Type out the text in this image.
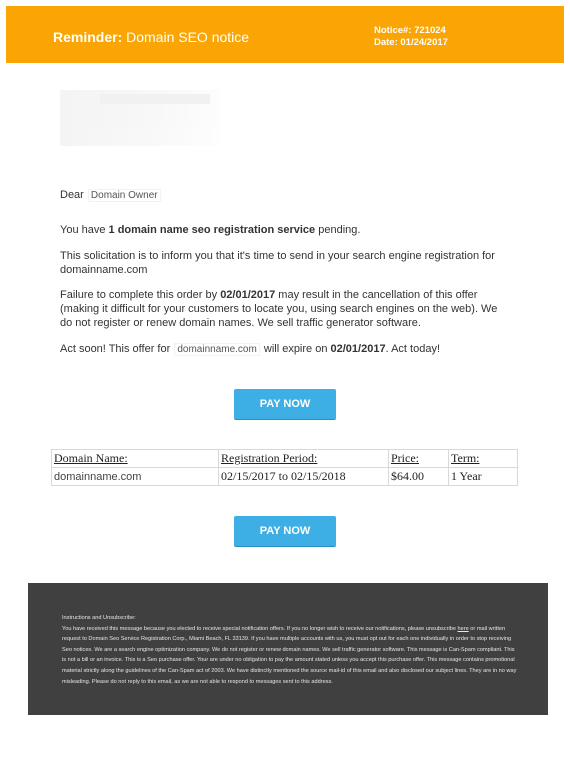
Reminder: Domain SEO notice	Notice#: 721024
Date: 01/24/2017

Dear Domain Owner

You have 1 domain name seo registration service pending.

This solicitation is to inform you that it's time to send in your search engine registration for
domainname.com

Failure to complete this order by 02/01/2017 may result in the cancellation of this offer (making it difficult for your customers to locate you, using search engines on the web). We do not register or renew domain names. We sell traffic generator software.

Act soon! This offer for domainname.com will expire on 02/01/2017. Act today!

PAY NOW
Domain Name:	Registration Period:	Price:	Term:
domainname.com	02/15/2017 to 02/15/2018	$64.00	1 Year
PAY NOW
Instructions and Unsubscribe:
You have received this message because you elected to receive special notification offers. If you no longer wish to receive our notifications, please unsubscribe here or mail written request to Domain Seo Service Registration Corp., Miami Beach, FL 33139. If you have multiple accounts with us, you must opt out for each one individually in order to stop receiving Seo notices. We are a search engine optimization company. We do not register or renew domain names. We sell traffic generator software. This message is Can-Spam compliant. This is not a bill or an invoice. This is a Seo purchase offer. Your are under no obligation to pay the amount stated unless you accept this purchase offer. This message contains promotional material strictly along the guidelines of the Can-Spam act of 2003. We have distinctly mentioned the source mail-id of this email and also disclosed our subject lines. They are in no way misleading. Please do not reply to this email, as we are not able to respond to messages sent to this address.
